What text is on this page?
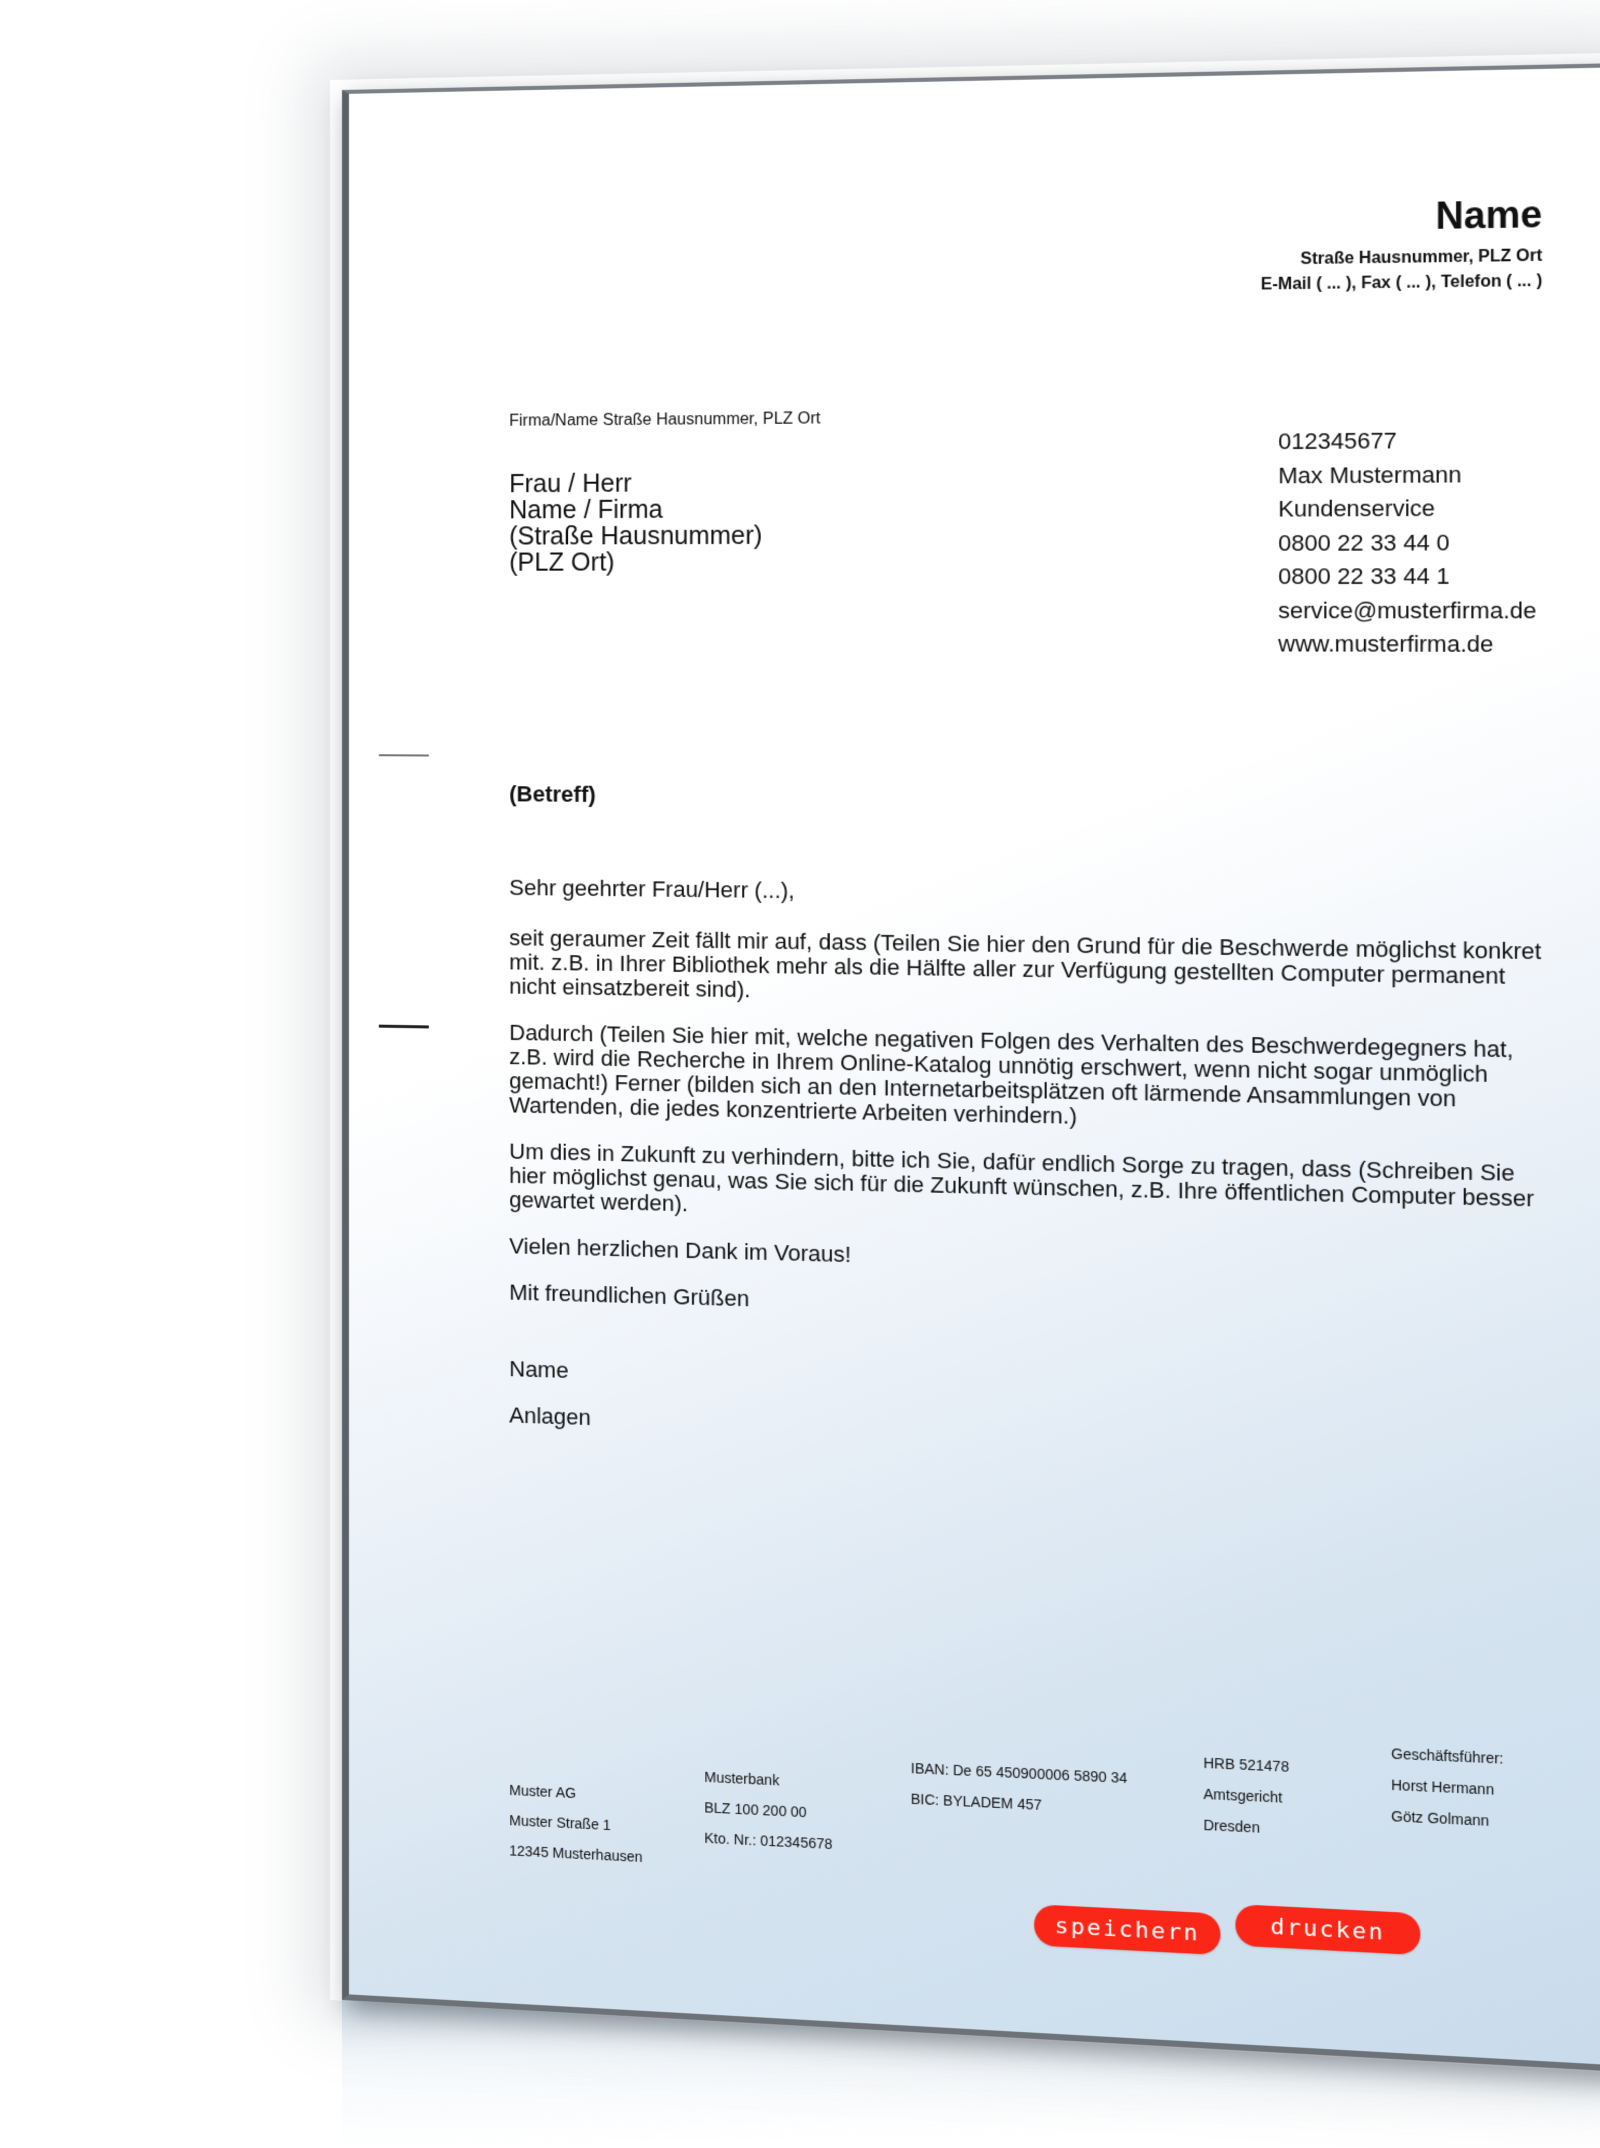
Name
Straße Hausnummer, PLZ Ort
E-Mail ( ... ), Fax ( ... ), Telefon ( ... )
Firma/Name Straße Hausnummer, PLZ Ort
Frau / Herr
Name / Firma
(Straße Hausnummer)
(PLZ Ort)
012345677
Max Mustermann
Kundenservice
0800 22 33 44 0
0800 22 33 44 1
service@musterfirma.de
www.musterfirma.de
(Betreff)

Sehr geehrter Frau/Herr (...),

seit geraumer Zeit fällt mir auf, dass (Teilen Sie hier den Grund für die Beschwerde möglichst konkret mit. z.B. in Ihrer Bibliothek mehr als die Hälfte aller zur Verfügung gestellten Computer permanent nicht einsatzbereit sind).

Dadurch (Teilen Sie hier mit, welche negativen Folgen des Verhalten des Beschwerdegegners hat, z.B. wird die Recherche in Ihrem Online-Katalog unnötig erschwert, wenn nicht sogar unmöglich gemacht!) Ferner (bilden sich an den Internetarbeitsplätzen oft lärmende Ansammlungen von Wartenden, die jedes konzentrierte Arbeiten verhindern.)

Um dies in Zukunft zu verhindern, bitte ich Sie, dafür endlich Sorge zu tragen, dass (Schreiben Sie hier möglichst genau, was Sie sich für die Zukunft wünschen, z.B. Ihre öffentlichen Computer besser gewartet werden).

Vielen herzlichen Dank im Voraus!

Mit freundlichen Grüßen

Name

Anlagen

Muster AG
Muster Straße 1
12345 Musterhausen
Musterbank
BLZ 100 200 00
Kto. Nr.: 012345678
IBAN: De 65 450900006 5890 34
BIC: BYLADEM 457
HRB 521478
Amtsgericht
Dresden
Geschäftsführer:
Horst Hermann
Götz Golmann
speichern	drucken
